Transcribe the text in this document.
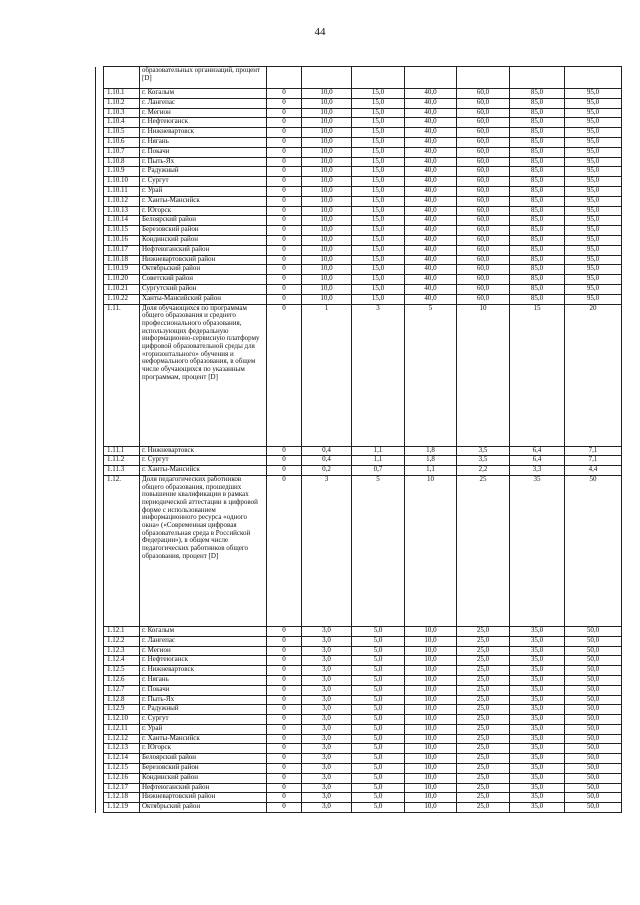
44
		образовательных организаций, процент [D]							
	1.10.1	г. Когалым	0	10,0	15,0	40,0	60,0	85,0	95,0
	1.10.2	г. Лангепас	0	10,0	15,0	40,0	60,0	85,0	95,0
	1.10.3	г. Мегион	0	10,0	15,0	40,0	60,0	85,0	95,0
	1.10.4	г. Нефтеюганск	0	10,0	15,0	40,0	60,0	85,0	95,0
	1.10.5	г. Нижневартовск	0	10,0	15,0	40,0	60,0	85,0	95,0
	1.10.6	г. Нягань	0	10,0	15,0	40,0	60,0	85,0	95,0
	1.10.7	г. Покачи	0	10,0	15,0	40,0	60,0	85,0	95,0
	1.10.8	г. Пыть-Ях	0	10,0	15,0	40,0	60,0	85,0	95,0
	1.10.9	г. Радужный	0	10,0	15,0	40,0	60,0	85,0	95,0
	1.10.10	г. Сургут	0	10,0	15,0	40,0	60,0	85,0	95,0
	1.10.11	г. Урай	0	10,0	15,0	40,0	60,0	85,0	95,0
	1.10.12	г. Ханты-Мансийск	0	10,0	15,0	40,0	60,0	85,0	95,0
	1.10.13	г. Югорск	0	10,0	15,0	40,0	60,0	85,0	95,0
	1.10.14	Белоярский район	0	10,0	15,0	40,0	60,0	85,0	95,0
	1.10.15	Березовский район	0	10,0	15,0	40,0	60,0	85,0	95,0
	1.10.16	Кондинский район	0	10,0	15,0	40,0	60,0	85,0	95,0
	1.10.17	Нефтеюганский район	0	10,0	15,0	40,0	60,0	85,0	95,0
	1.10.18	Нижневартовский район	0	10,0	15,0	40,0	60,0	85,0	95,0
	1.10.19	Октябрьский район	0	10,0	15,0	40,0	60,0	85,0	95,0
	1.10.20	Советский район	0	10,0	15,0	40,0	60,0	85,0	95,0
	1.10.21	Сургутский район	0	10,0	15,0	40,0	60,0	85,0	95,0
	1.10.22	Ханты-Мансийский район	0	10,0	15,0	40,0	60,0	85,0	95,0
	1.11.	Доля обучающихся по программам общего образования и среднего профессионального образования, использующих федеральную информационно-сервисную платформу цифровой образовательной среды для «горизонтального» обучения и неформального образования, в общем числе обучающихся по указанным программам, процент [D]	0	1	3	5	10	15	20
	1.11.1	г. Нижневартовск	0	0,4	1,1	1,8	3,5	6,4	7,1
	1.11.2	г. Сургут	0	0,4	1,1	1,8	3,5	6,4	7,1
	1.11.3	г. Ханты-Мансийск	0	0,2	0,7	1,1	2,2	3,3	4,4
	1.12.	Доля педагогических работников общего образования, прошедших повышение квалификации в рамках периодической аттестации в цифровой форме с использованием информационного ресурса «одного окна» («Современная цифровая образовательная среда в Российской Федерации»), в общем числе педагогических работников общего образования, процент [D]	0	3	5	10	25	35	50
	1.12.1	г. Когалым	0	3,0	5,0	10,0	25,0	35,0	50,0
	1.12.2	г. Лангепас	0	3,0	5,0	10,0	25,0	35,0	50,0
	1.12.3	г. Мегион	0	3,0	5,0	10,0	25,0	35,0	50,0
	1.12.4	г. Нефтеюганск	0	3,0	5,0	10,0	25,0	35,0	50,0
	1.12.5	г. Нижневартовск	0	3,0	5,0	10,0	25,0	35,0	50,0
	1.12.6	г. Нягань	0	3,0	5,0	10,0	25,0	35,0	50,0
	1.12.7	г. Покачи	0	3,0	5,0	10,0	25,0	35,0	50,0
	1.12.8	г. Пыть-Ях	0	3,0	5,0	10,0	25,0	35,0	50,0
	1.12.9	г. Радужный	0	3,0	5,0	10,0	25,0	35,0	50,0
	1.12.10	г. Сургут	0	3,0	5,0	10,0	25,0	35,0	50,0
	1.12.11	г. Урай	0	3,0	5,0	10,0	25,0	35,0	50,0
	1.12.12	г. Ханты-Мансийск	0	3,0	5,0	10,0	25,0	35,0	50,0
	1.12.13	г. Югорск	0	3,0	5,0	10,0	25,0	35,0	50,0
	1.12.14	Белоярский район	0	3,0	5,0	10,0	25,0	35,0	50,0
	1.12.15	Березовский район	0	3,0	5,0	10,0	25,0	35,0	50,0
	1.12.16	Кондинский район	0	3,0	5,0	10,0	25,0	35,0	50,0
	1.12.17	Нефтеюганский район	0	3,0	5,0	10,0	25,0	35,0	50,0
	1.12.18	Нижневартовский район	0	3,0	5,0	10,0	25,0	35,0	50,0
	1.12.19	Октябрьский район	0	3,0	5,0	10,0	25,0	35,0	50,0
